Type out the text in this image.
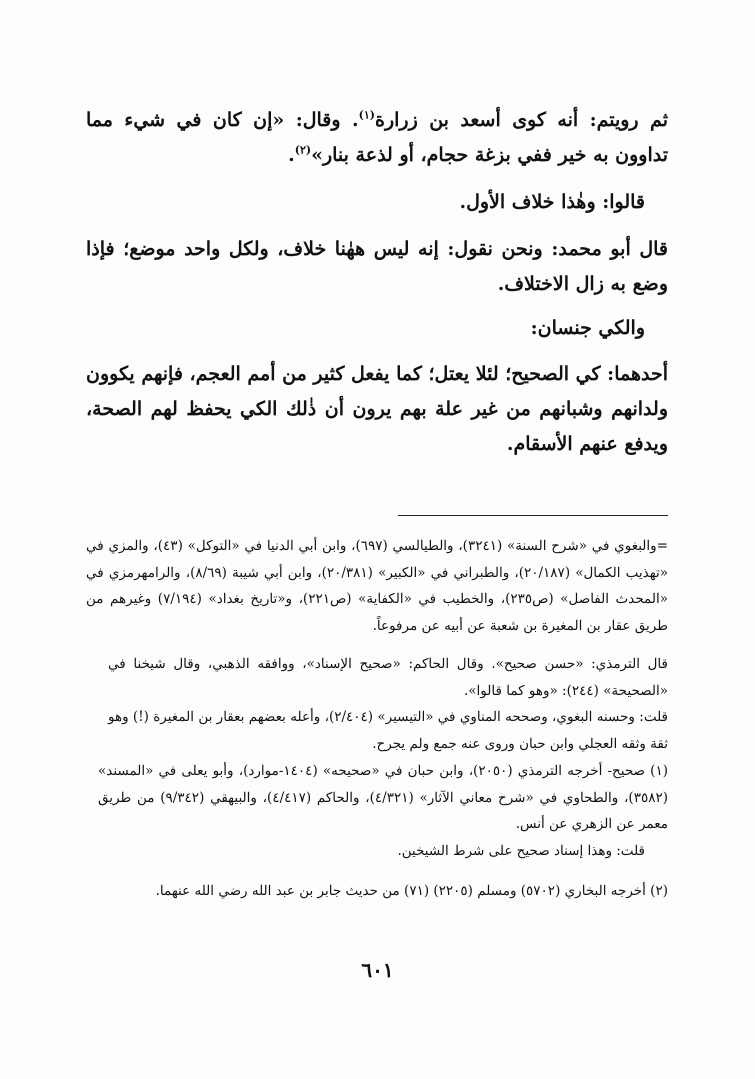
ثم رويتم: أنه كوى أسعد بن زرارة$^{(١)}$. وقال: «إن كان في شيء مما تداوون به خير ففي بزغة حجام، أو لذعة بنار»$^{(٢)}$.

قالوا: وهٰذا خلاف الأول.

قال أبو محمد: ونحن نقول: إنه ليس ههٰنا خلاف، ولكل واحد موضع؛ فإذا وضع به زال الاختلاف.

والكي جنسان:

أحدهما: كي الصحيح؛ لئلا يعتل؛ كما يفعل كثير من أمم العجم، فإنهم يكوون ولدانهم وشبانهم من غير علة بهم يرون أن ذٰلك الكي يحفظ لهم الصحة، ويدفع عنهم الأسقام.

=والبغوي في «شرح السنة» (٣٢٤١)، والطيالسي (٦٩٧)، وابن أبي الدنيا في «التوكل» (٤٣)، والمزي في «تهذيب الكمال» (٢٠/١٨٧)، والطبراني في «الكبير» (٢٠/٣٨١)، وابن أبي شيبة (٨/٦٩)، والرامهرمزي في «المحدث الفاصل» (ص٢٣٥)، والخطيب في «الكفاية» (ص٢٢١)، و«تاريخ بغداد» (٧/١٩٤) وغيرهم من طريق عقار بن المغيرة بن شعبة عن أبيه عن مرفوعاً.

قال الترمذي: «حسن صحيح». وقال الحاكم: «صحيح الإسناد»، ووافقه الذهبي، وقال شيخنا في «الصحيحة» (٢٤٤): «وهو كما قالوا».

قلت: وحسنه البغوي، وصححه المناوي في «التيسير» (٢/٤٠٤)، وأعله بعضهم بعقار بن المغيرة (!) وهو ثقة وثقه العجلي وابن حبان وروى عنه جمع ولم يجرح.

(١) صحيح- أخرجه الترمذي (٢٠٥٠)، وابن حبان في «صحيحه» (١٤٠٤-موارد)، وأبو يعلى في «المسند» (٣٥٨٢)، والطحاوي في «شرح معاني الآثار» (٤/٣٢١)، والحاكم (٤/٤١٧)، والبيهقي (٩/٣٤٢) من طريق معمر عن الزهري عن أنس.

قلت: وهذا إسناد صحيح على شرط الشيخين.

(٢) أخرجه البخاري (٥٧٠٢) ومسلم (٢٢٠٥) (٧١) من حديث جابر بن عبد الله رضي الله عنهما.

٦٠١
